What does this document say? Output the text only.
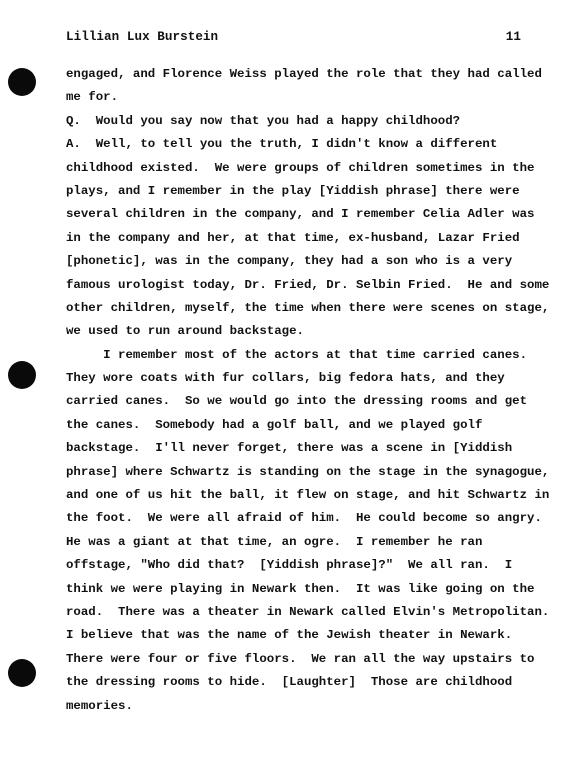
Lillian Lux Burstein	11
engaged, and Florence Weiss played the role that they had called
me for.
Q.  Would you say now that you had a happy childhood?
A.  Well, to tell you the truth, I didn't know a different
childhood existed.  We were groups of children sometimes in the
plays, and I remember in the play [Yiddish phrase] there were
several children in the company, and I remember Celia Adler was
in the company and her, at that time, ex-husband, Lazar Fried
[phonetic], was in the company, they had a son who is a very
famous urologist today, Dr. Fried, Dr. Selbin Fried.  He and some
other children, myself, the time when there were scenes on stage,
we used to run around backstage.
I remember most of the actors at that time carried canes.
They wore coats with fur collars, big fedora hats, and they
carried canes.  So we would go into the dressing rooms and get
the canes.  Somebody had a golf ball, and we played golf
backstage.  I'll never forget, there was a scene in [Yiddish
phrase] where Schwartz is standing on the stage in the synagogue,
and one of us hit the ball, it flew on stage, and hit Schwartz in
the foot.  We were all afraid of him.  He could become so angry.
He was a giant at that time, an ogre.  I remember he ran
offstage, "Who did that?  [Yiddish phrase]?"  We all ran.  I
think we were playing in Newark then.  It was like going on the
road.  There was a theater in Newark called Elvin's Metropolitan.
I believe that was the name of the Jewish theater in Newark.
There were four or five floors.  We ran all the way upstairs to
the dressing rooms to hide.  [Laughter]  Those are childhood
memories.
